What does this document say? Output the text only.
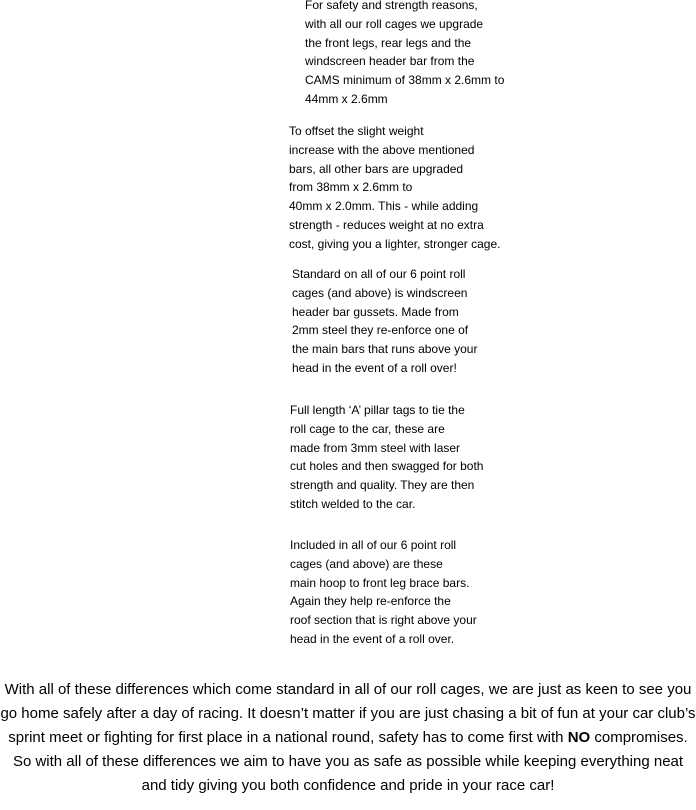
For safety and strength reasons,
with all our roll cages we upgrade
the front legs, rear legs and the
windscreen header bar from the
CAMS minimum of 38mm x 2.6mm to
44mm x 2.6mm
To offset the slight weight
increase with the above mentioned
bars, all other bars are upgraded
from 38mm x 2.6mm to
40mm x 2.0mm. This - while adding
strength - reduces weight at no extra
cost, giving you a lighter, stronger cage.
Standard on all of our 6 point roll
cages (and above) is windscreen
header bar gussets. Made from
2mm steel they re-enforce one of
the main bars that runs above your
head in the event of a roll over!
Full length ‘A’ pillar tags to tie the
roll cage to the car, these are
made from 3mm steel with laser
cut holes and then swagged for both
strength and quality. They are then
stitch welded to the car.
Included in all of our 6 point roll
cages (and above) are these
main hoop to front leg brace bars.
Again they help re-enforce the
roof section that is right above your
head in the event of a roll over.
With all of these differences which come standard in all of our roll cages, we are just as keen to see you
go home safely after a day of racing. It doesn’t matter if you are just chasing a bit of fun at your car club’s
sprint meet or fighting for first place in a national round, safety has to come first with NO compromises.
So with all of these differences we aim to have you as safe as possible while keeping everything neat
and tidy giving you both confidence and pride in your race car!
